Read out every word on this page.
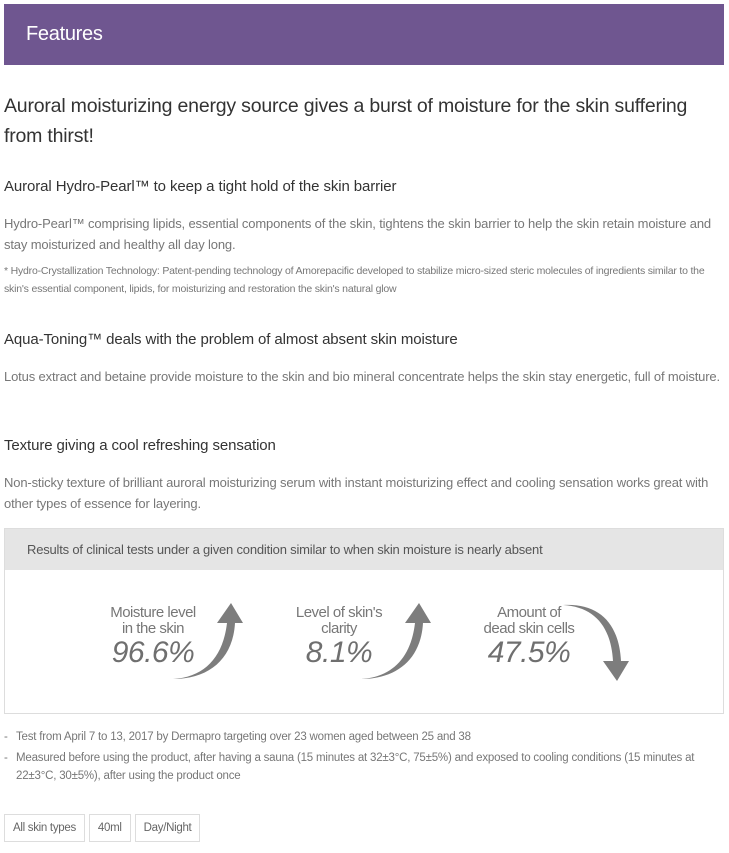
Features
Auroral moisturizing energy source gives a burst of moisture for the skin suffering from thirst!
Auroral Hydro-Pearl™ to keep a tight hold of the skin barrier
Hydro-Pearl™ comprising lipids, essential components of the skin, tightens the skin barrier to help the skin retain moisture and stay moisturized and healthy all day long.
* Hydro-Crystallization Technology: Patent-pending technology of Amorepacific developed to stabilize micro-sized steric molecules of ingredients similar to the skin's essential component, lipids, for moisturizing and restoration the skin's natural glow
Aqua-Toning™ deals with the problem of almost absent skin moisture
Lotus extract and betaine provide moisture to the skin and bio mineral concentrate helps the skin stay energetic, full of moisture.
Texture giving a cool refreshing sensation
Non-sticky texture of brilliant auroral moisturizing serum with instant moisturizing effect and cooling sensation works great with other types of essence for layering.
Results of clinical tests under a given condition similar to when skin moisture is nearly absent
Moisture level
in the skin
96.6%
Level of skin's
clarity
8.1%
Amount of
dead skin cells
47.5%
- Test from April 7 to 13, 2017 by Dermapro targeting over 23 women aged between 25 and 38
- Measured before using the product, after having a sauna (15 minutes at 32±3°C, 75±5%) and exposed to cooling conditions (15 minutes at 22±3°C, 30±5%), after using the product once
All skin types	40ml	Day/Night
